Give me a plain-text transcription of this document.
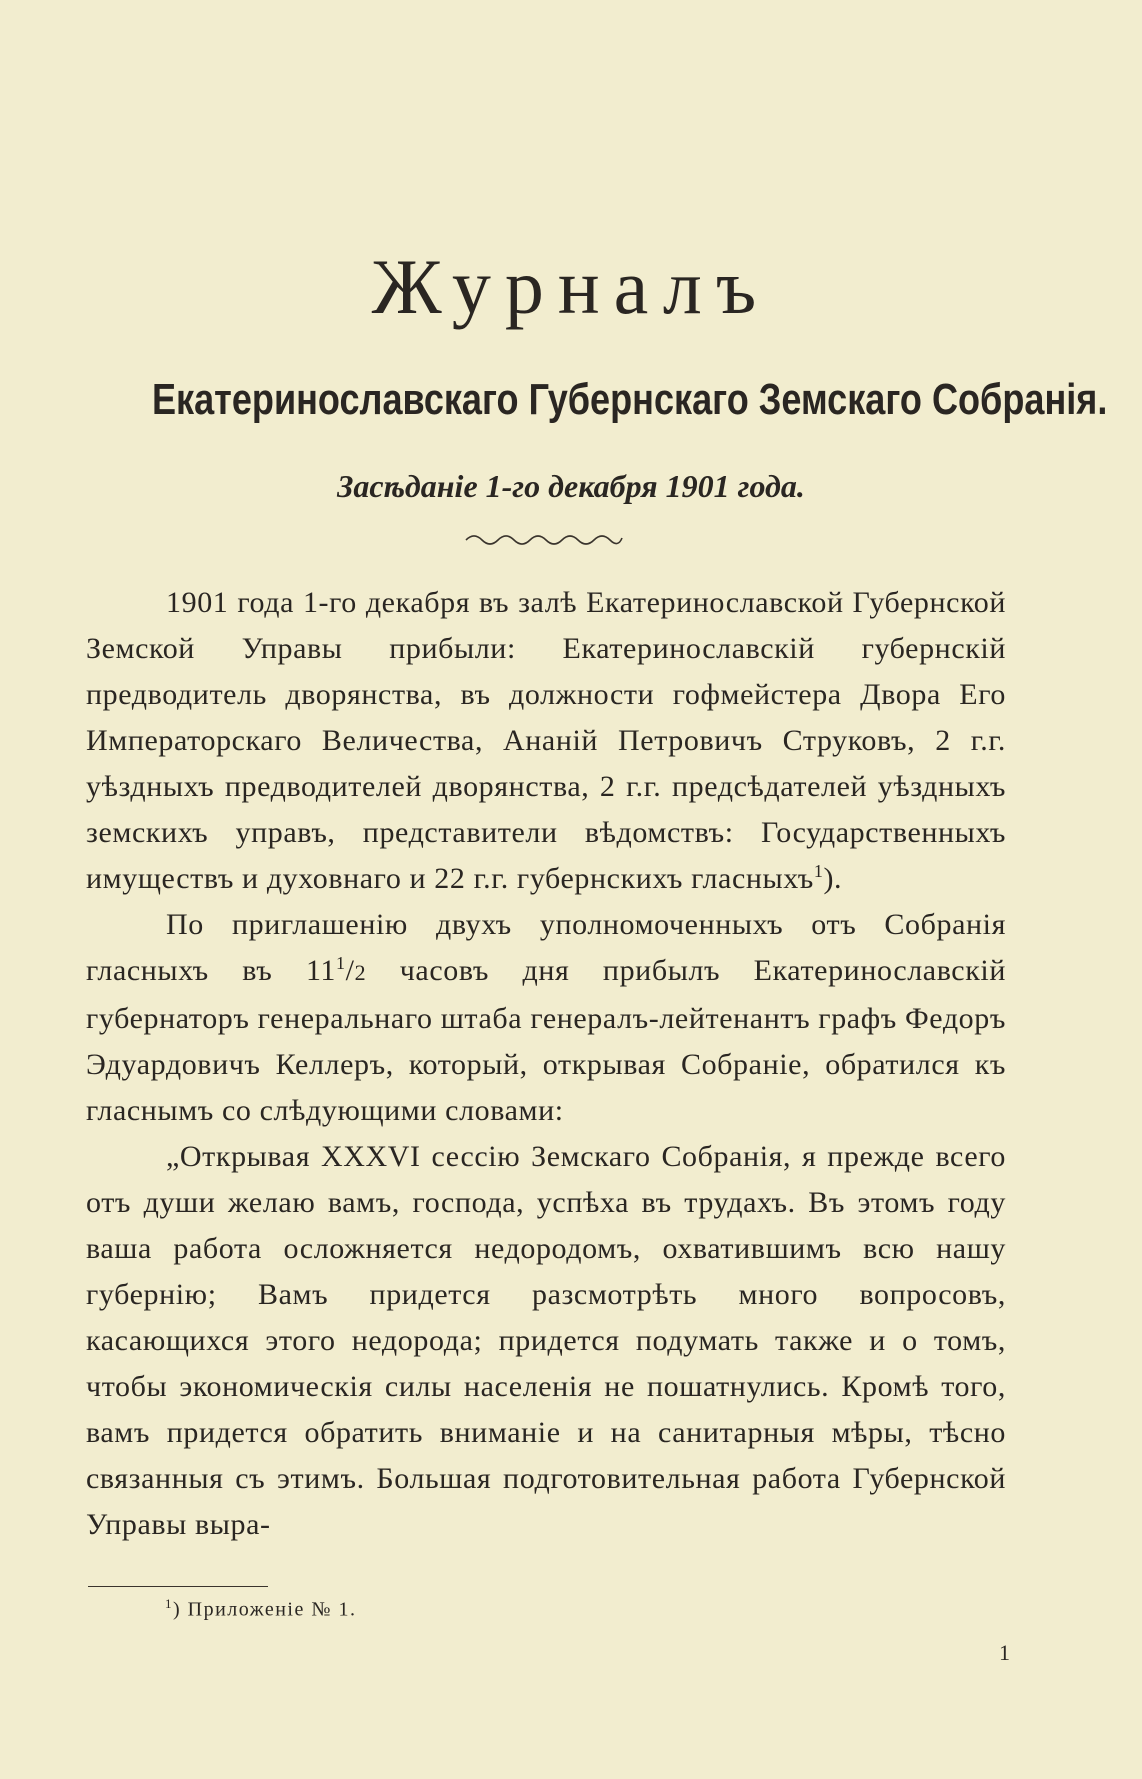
Журналъ
Екатеринославскаго Губернскаго Земскаго Собранія.
Засѣданіе 1-го декабря 1901 года.

1901 года 1-го декабря въ залѣ Екатеринославской Губернской Земской Управы прибыли: Екатеринославскій губернскій предводитель дворянства, въ должности гофмейстера Двора Его Императорскаго Величества, Ананій Петровичъ Струковъ, 2 г.г. уѣздныхъ предводителей дворянства, 2 г.г. предсѣдателей уѣздныхъ земскихъ управъ, представители вѣдомствъ: Государственныхъ имуществъ и духовнаго и 22 г.г. губернскихъ гласныхъ$^1$).

По приглашенію двухъ уполномоченныхъ отъ Собранія гласныхъ въ $11^1/2$ часовъ дня прибылъ Екатеринославскій губернаторъ генеральнаго штаба генералъ-лейтенантъ графъ Федоръ Эдуардовичъ Келлеръ, который, открывая Собраніе, обратился къ гласнымъ со слѣдующими словами:

„Открывая XXXVI сессію Земскаго Собранія, я прежде всего отъ души желаю вамъ, господа, успѣха въ трудахъ. Въ этомъ году ваша работа осложняется недородомъ, охватившимъ всю нашу губернію; Вамъ придется разсмотрѣть много вопросовъ, касающихся этого недорода; придется подумать также и о томъ, чтобы экономическія силы населенія не пошатнулись. Кромѣ того, вамъ придется обратить вниманіе и на санитарныя мѣры, тѣсно связанныя съ этимъ. Большая подготовительная работа Губернской Управы выра-

$^1$) Приложеніе № 1.

1
